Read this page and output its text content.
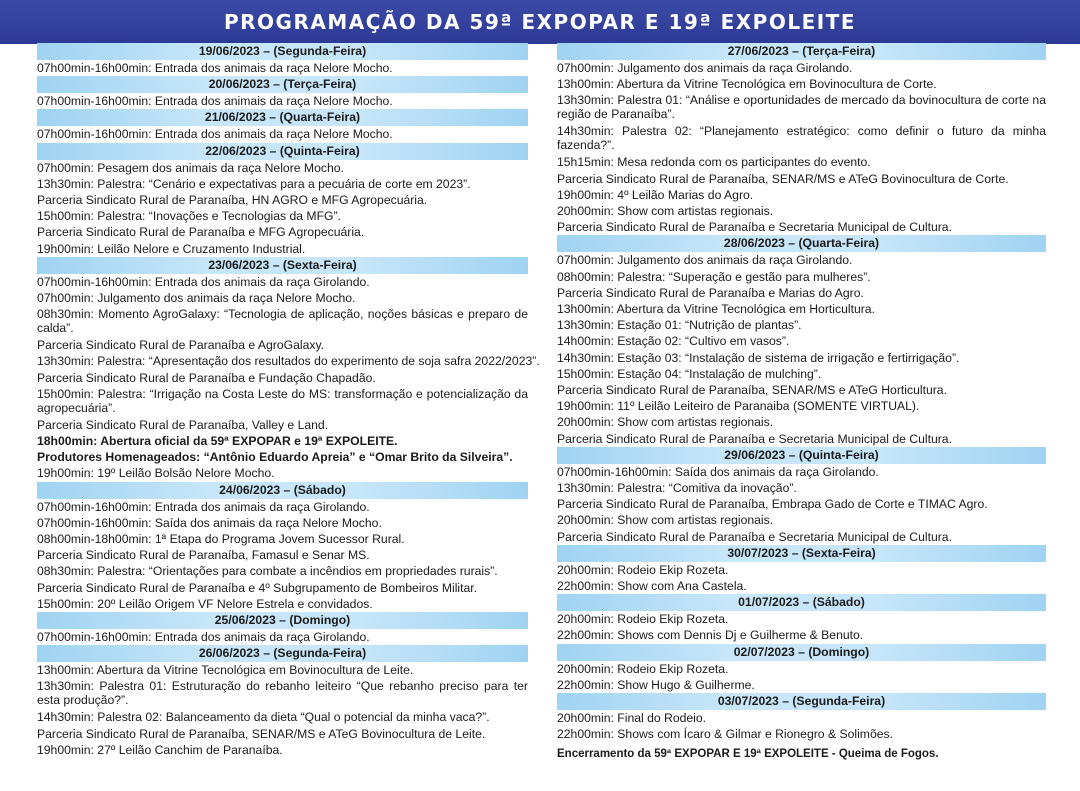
PROGRAMAÇÃO DA 59ª EXPOPAR E 19ª EXPOLEITE
19/06/2023 – (Segunda-Feira)
07h00min-16h00min: Entrada dos animais da raça Nelore Mocho.
20/06/2023 – (Terça-Feira)
07h00min-16h00min: Entrada dos animais da raça Nelore Mocho.
21/06/2023 – (Quarta-Feira)
07h00min-16h00min: Entrada dos animais da raça Nelore Mocho.
22/06/2023 – (Quinta-Feira)
07h00min: Pesagem dos animais da raça Nelore Mocho.
13h30min: Palestra: “Cenário e expectativas para a pecuária de corte em 2023”.
Parceria Sindicato Rural de Paranaíba, HN AGRO e MFG Agropecuária.
15h00min: Palestra: “Inovações e Tecnologias da MFG”.
Parceria Sindicato Rural de Paranaíba e MFG Agropecuária.
19h00min: Leilão Nelore e Cruzamento Industrial.
23/06/2023 – (Sexta-Feira)
07h00min-16h00min: Entrada dos animais da raça Girolando.
07h00min: Julgamento dos animais da raça Nelore Mocho.
08h30min: Momento AgroGalaxy: “Tecnologia de aplicação, noções básicas e preparo de calda”.
Parceria Sindicato Rural de Paranaíba e AgroGalaxy.
13h30min: Palestra: “Apresentação dos resultados do experimento de soja safra 2022/2023”.
Parceria Sindicato Rural de Paranaíba e Fundação Chapadão.
15h00min: Palestra: “Irrigação na Costa Leste do MS: transformação e potencialização da agropecuária”.
Parceria Sindicato Rural de Paranaíba, Valley e Land.
18h00min: Abertura oficial da 59ª EXPOPAR e 19ª EXPOLEITE.
Produtores Homenageados: “Antônio Eduardo Apreia” e “Omar Brito da Silveira”.
19h00min: 19º Leilão Bolsão Nelore Mocho.
24/06/2023 – (Sábado)
07h00min-16h00min: Entrada dos animais da raça Girolando.
07h00min-16h00min: Saída dos animais da raça Nelore Mocho.
08h00min-18h00min: 1ª Etapa do Programa Jovem Sucessor Rural.
Parceria Sindicato Rural de Paranaíba, Famasul e Senar MS.
08h30min: Palestra: “Orientações para combate a incêndios em propriedades rurais”.
Parceria Sindicato Rural de Paranaíba e 4º Subgrupamento de Bombeiros Militar.
15h00min: 20º Leilão Origem VF Nelore Estrela e convidados.
25/06/2023 – (Domingo)
07h00min-16h00min: Entrada dos animais da raça Girolando.
26/06/2023 – (Segunda-Feira)
13h00min: Abertura da Vitrine Tecnológica em Bovinocultura de Leite.
13h30min: Palestra 01: Estruturação do rebanho leiteiro “Que rebanho preciso para ter esta produção?”.
14h30min: Palestra 02: Balanceamento da dieta “Qual o potencial da minha vaca?”.
Parceria Sindicato Rural de Paranaíba, SENAR/MS e ATeG Bovinocultura de Leite.
19h00min: 27º Leilão Canchim de Paranaíba.
27/06/2023 – (Terça-Feira)
07h00min: Julgamento dos animais da raça Girolando.
13h00min: Abertura da Vitrine Tecnológica em Bovinocultura de Corte.
13h30min: Palestra 01: “Análise e oportunidades de mercado da bovinocultura de corte na região de Paranaíba”.
14h30min: Palestra 02: “Planejamento estratégico: como definir o futuro da minha fazenda?”.
15h15min: Mesa redonda com os participantes do evento.
Parceria Sindicato Rural de Paranaíba, SENAR/MS e ATeG Bovinocultura de Corte.
19h00min: 4º Leilão Marias do Agro.
20h00min: Show com artistas regionais.
Parceria Sindicato Rural de Paranaíba e Secretaria Municipal de Cultura.
28/06/2023 – (Quarta-Feira)
07h00min: Julgamento dos animais da raça Girolando.
08h00min: Palestra: “Superação e gestão para mulheres”.
Parceria Sindicato Rural de Paranaíba e Marias do Agro.
13h00min: Abertura da Vitrine Tecnológica em Horticultura.
13h30min: Estação 01: “Nutrição de plantas”.
14h00min: Estação 02: “Cultivo em vasos”.
14h30min: Estação 03: “Instalação de sistema de irrigação e fertirrigação”.
15h00min: Estação 04: “Instalação de mulching”.
Parceria Sindicato Rural de Paranaíba, SENAR/MS e ATeG Horticultura.
19h00min: 11º Leilão Leiteiro de Paranaiba (SOMENTE VIRTUAL).
20h00min: Show com artistas regionais.
Parceria Sindicato Rural de Paranaíba e Secretaria Municipal de Cultura.
29/06/2023 – (Quinta-Feira)
07h00min-16h00min: Saída dos animais da raça Girolando.
13h30min: Palestra: “Comitiva da inovação”.
Parceria Sindicato Rural de Paranaíba, Embrapa Gado de Corte e TIMAC Agro.
20h00min: Show com artistas regionais.
Parceria Sindicato Rural de Paranaíba e Secretaria Municipal de Cultura.
30/07/2023 – (Sexta-Feira)
20h00min: Rodeio Ekip Rozeta.
22h00min: Show com Ana Castela.
01/07/2023 – (Sábado)
20h00min: Rodeio Ekip Rozeta.
22h00min: Shows com Dennis Dj e Guilherme & Benuto.
02/07/2023 – (Domingo)
20h00min: Rodeio Ekip Rozeta.
22h00min: Show Hugo & Guilherme.
03/07/2023 – (Segunda-Feira)
20h00min: Final do Rodeio.
22h00min: Shows com Ícaro & Gilmar e Rionegro & Solimões.
Encerramento da 59ª EXPOPAR E 19ª EXPOLEITE - Queima de Fogos.
